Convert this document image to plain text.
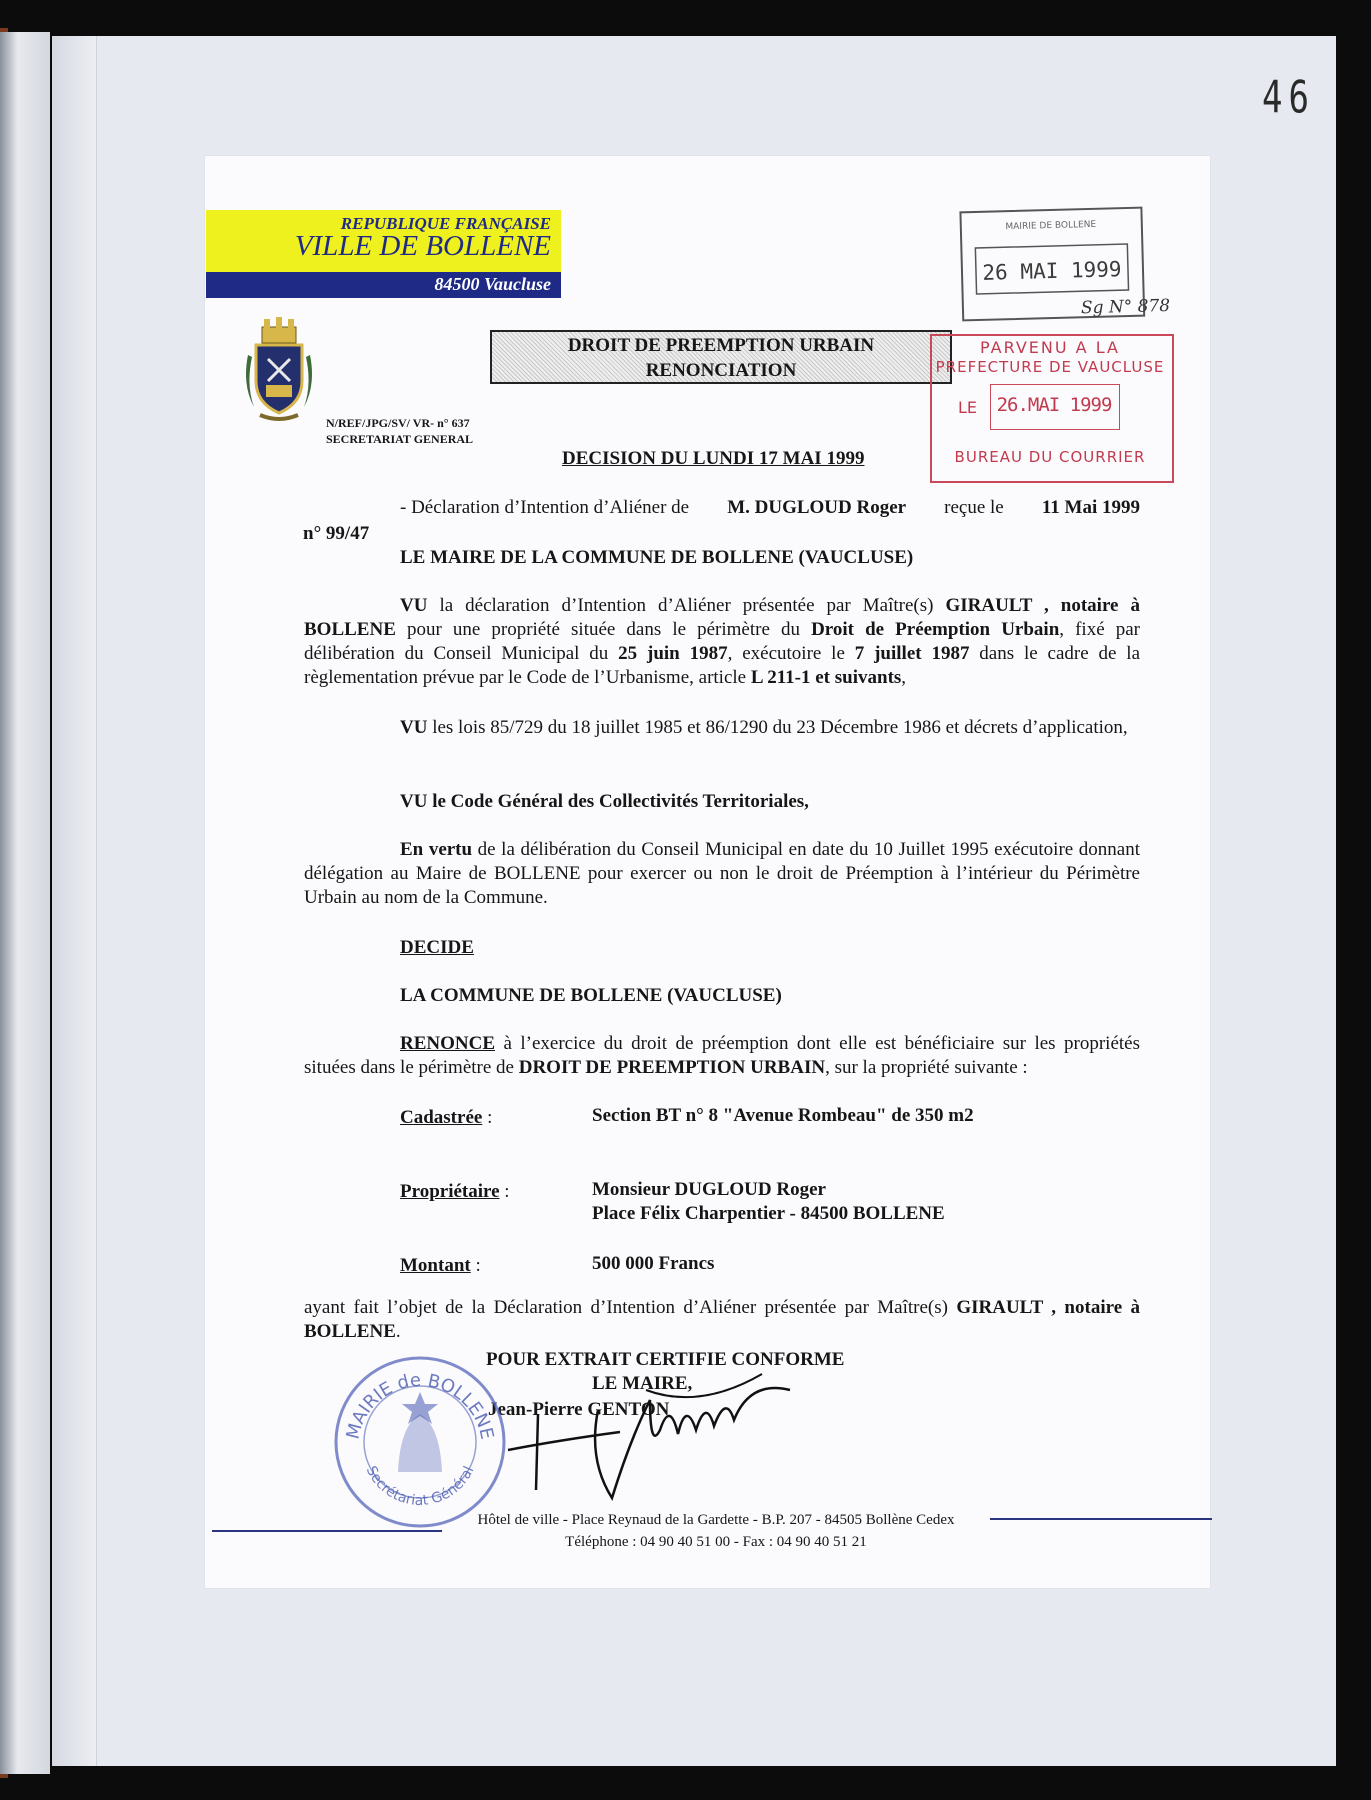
46
REPUBLIQUE FRANÇAISE
VILLE DE BOLLENE
84500 Vaucluse
N/REF/JPG/SV/ VR- n° 637
SECRETARIAT GENERAL
DROIT DE PREEMPTION URBAIN
RENONCIATION
DECISION DU LUNDI 17 MAI 1999
MAIRIE DE BOLLENE
26 MAI 1999
Sg N° 878
PARVENU A LA
PREFECTURE DE VAUCLUSE
LE 26.MAI 1999
BUREAU DU COURRIER
- Déclaration d’Intention d’Aliéner de M. DUGLOUD Roger reçue le 11 Mai 1999
n° 99/47
LE MAIRE DE LA COMMUNE DE BOLLENE (VAUCLUSE)
VU la déclaration d’Intention d’Aliéner présentée par Maître(s) GIRAULT , notaire à BOLLENE pour une propriété située dans le périmètre du Droit de Préemption Urbain, fixé par délibération du Conseil Municipal du 25 juin 1987, exécutoire le 7 juillet 1987 dans le cadre de la règlementation prévue par le Code de l’Urbanisme, article L 211-1 et suivants,
VU les lois 85/729 du 18 juillet 1985 et 86/1290 du 23 Décembre 1986 et décrets d’application,
VU le Code Général des Collectivités Territoriales,
En vertu de la délibération du Conseil Municipal en date du 10 Juillet 1995 exécutoire donnant délégation au Maire de BOLLENE pour exercer ou non le droit de Préemption à l’intérieur du Périmètre Urbain au nom de la Commune.
DECIDE
LA COMMUNE DE BOLLENE (VAUCLUSE)
RENONCE à l’exercice du droit de préemption dont elle est bénéficiaire sur les propriétés situées dans le périmètre de DROIT DE PREEMPTION URBAIN, sur la propriété suivante :
Cadastrée :	Section BT n° 8 "Avenue Rombeau" de 350 m2
Propriétaire :	Monsieur DUGLOUD Roger
Place Félix Charpentier - 84500 BOLLENE
Montant :	500 000 Francs
ayant fait l’objet de la Déclaration d’Intention d’Aliéner présentée par Maître(s) GIRAULT , notaire à BOLLENE.
POUR EXTRAIT CERTIFIE CONFORME
LE MAIRE,
Jean-Pierre GENTON
MAIRIE de BOLLENE
Secrétariat Général
Hôtel de ville - Place Reynaud de la Gardette - B.P. 207 - 84505 Bollène Cedex
Téléphone : 04 90 40 51 00 - Fax : 04 90 40 51 21
